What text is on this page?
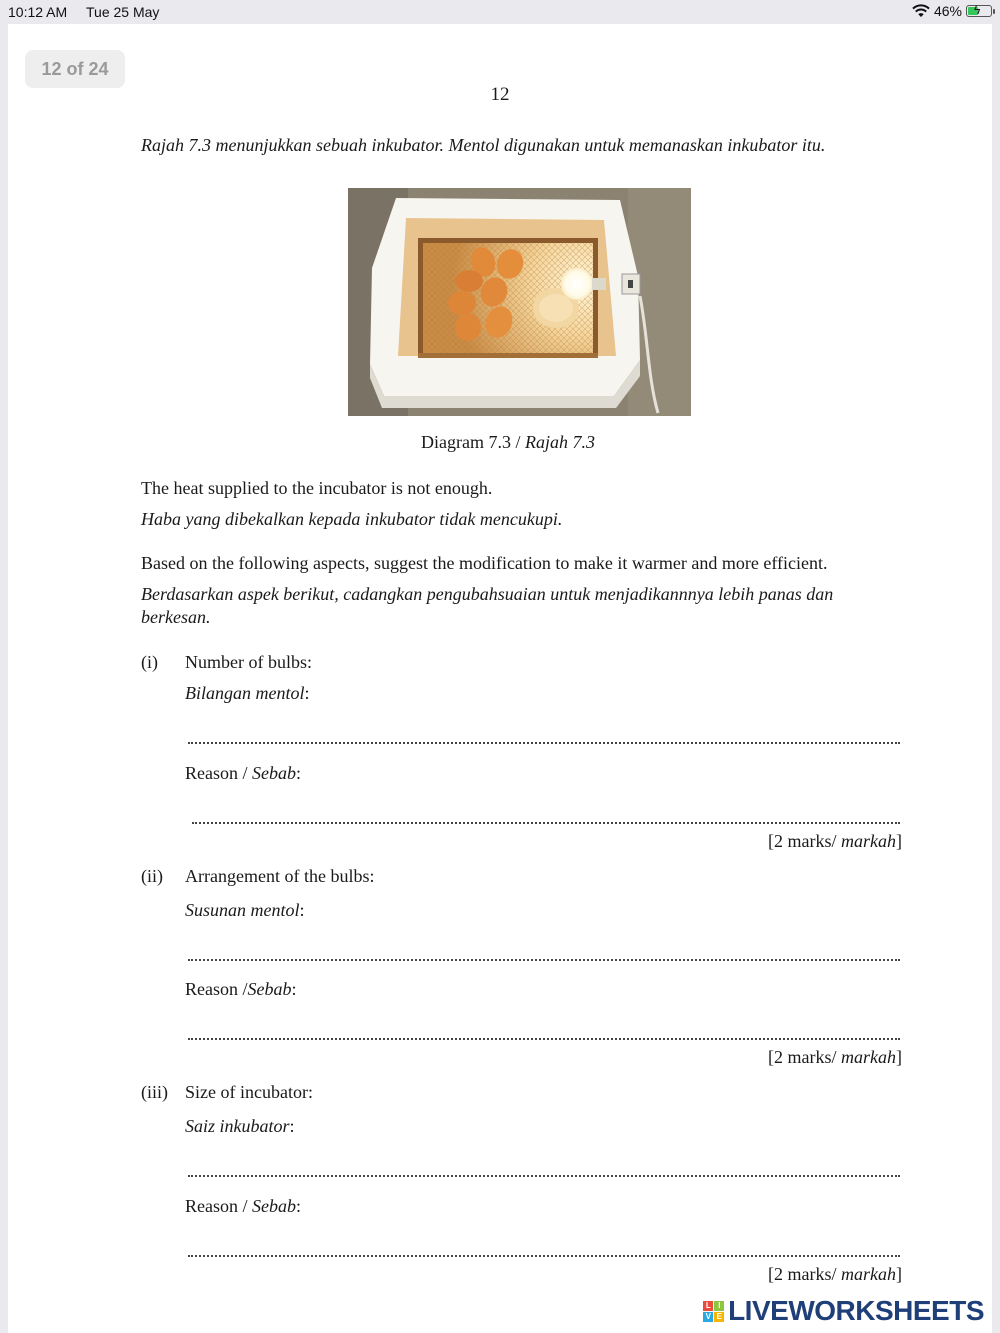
10:12 AM Tue 25 May	46% ϟ
12 of 24
12
Rajah 7.3 menunjukkan sebuah inkubator. Mentol digunakan untuk memanaskan inkubator itu.
Diagram 7.3 / Rajah 7.3
The heat supplied to the incubator is not enough.
Haba yang dibekalkan kepada inkubator tidak mencukupi.
Based on the following aspects, suggest the modification to make it warmer and more efficient.
Berdasarkan aspek berikut, cadangkan pengubahsuaian untuk menjadikannnya lebih panas dan
berkesan.
(i) Number of bulbs:
Bilangan mentol:
Reason / Sebab:
[2 marks/ markah]
(ii) Arrangement of the bulbs:
Susunan mentol:
Reason /Sebab:
[2 marks/ markah]
(iii) Size of incubator:
Saiz inkubator:
Reason / Sebab:
[2 marks/ markah]
L I
V E LIVEWORKSHEETS
